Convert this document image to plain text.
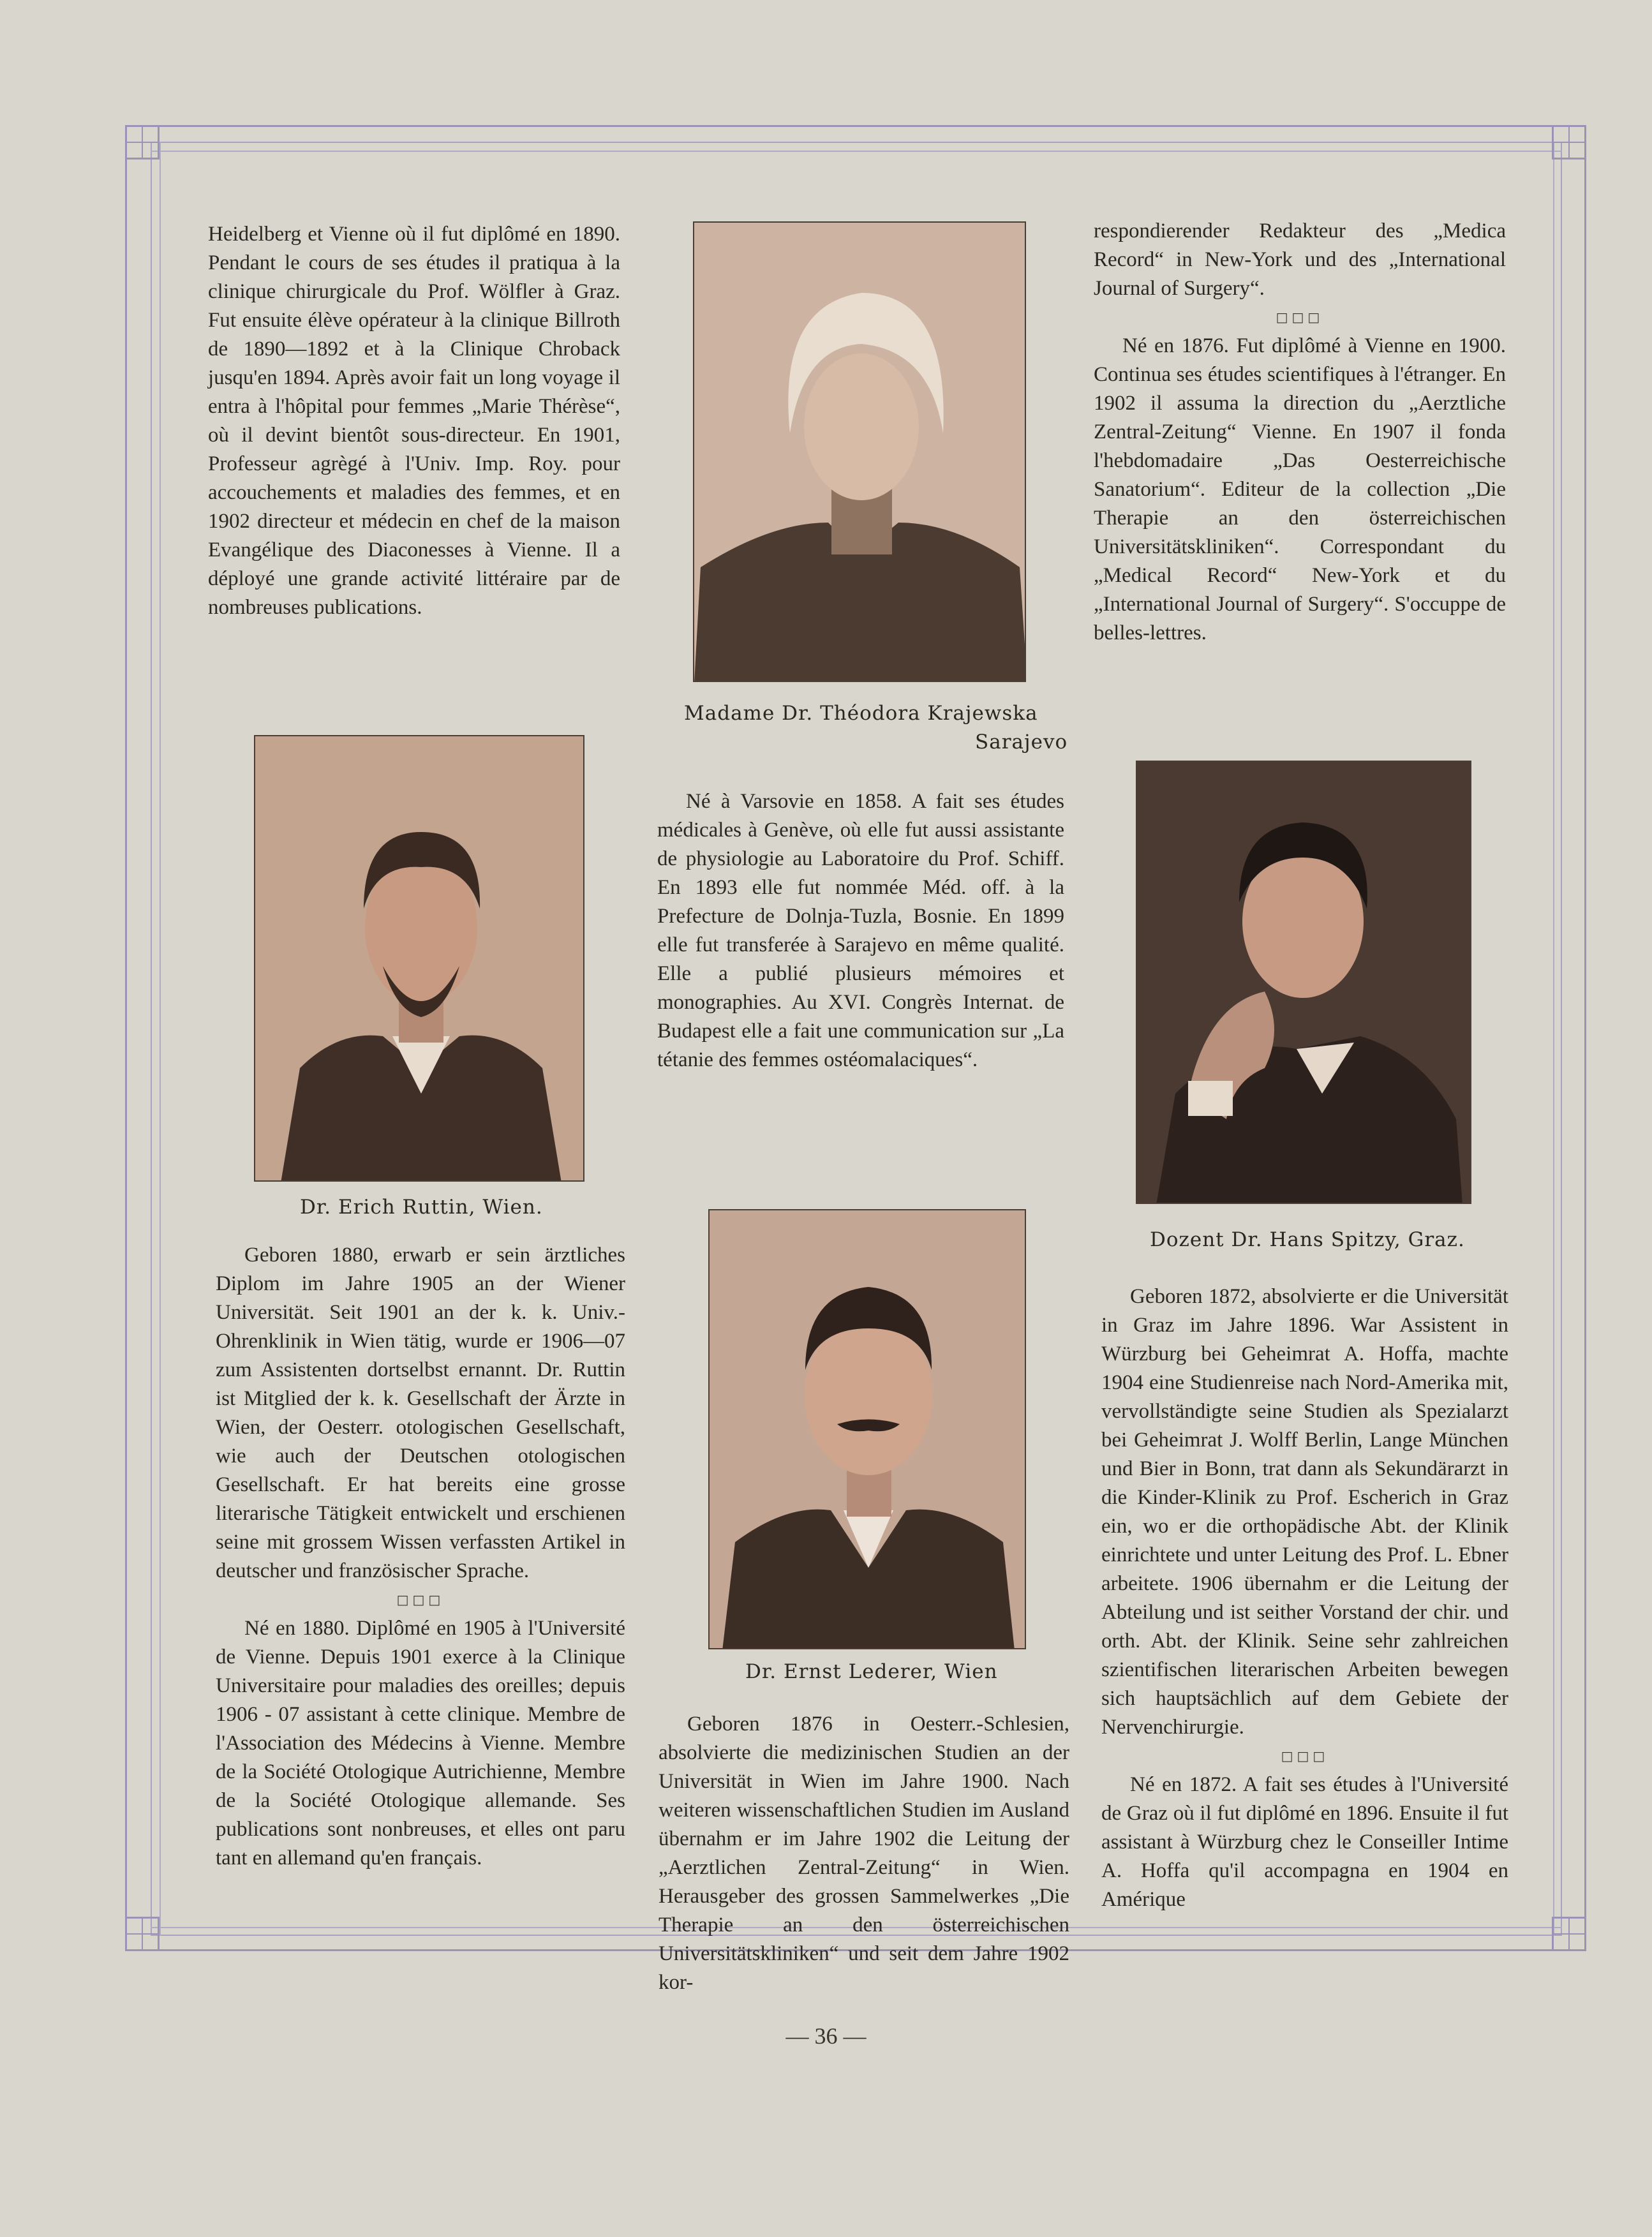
Heidelberg et Vienne où il fut diplômé en 1890. Pendant le cours de ses études il pratiqua à la clinique chirurgicale du Prof. Wölfler à Graz. Fut ensuite élève opérateur à la clinique Billroth de 1890—1892 et à la Clinique Chroback jusqu'en 1894. Après avoir fait un long voyage il entra à l'hôpital pour femmes „Marie Thérèse“, où il devint bientôt sous-directeur. En 1901, Professeur agrègé à l'Univ. Imp. Roy. pour accouchements et maladies des femmes, et en 1902 directeur et médecin en chef de la maison Evangélique des Diaconesses à Vienne. Il a déployé une grande activité littéraire par de nombreuses publications.

Dr. Erich Ruttin, Wien.

Geboren 1880, erwarb er sein ärztliches Diplom im Jahre 1905 an der Wiener Universität. Seit 1901 an der k. k. Univ.-Ohrenklinik in Wien tätig, wurde er 1906—07 zum Assistenten dortselbst ernannt. Dr. Ruttin ist Mitglied der k. k. Gesellschaft der Ärzte in Wien, der Oesterr. otologischen Gesellschaft, wie auch der Deutschen otologischen Gesellschaft. Er hat bereits eine grosse literarische Tätigkeit entwickelt und erschienen seine mit grossem Wissen verfassten Artikel in deutscher und französischer Sprache.

□□□

Né en 1880. Diplômé en 1905 à l'Université de Vienne. Depuis 1901 exerce à la Clinique Universitaire pour maladies des oreilles; depuis 1906 - 07 assistant à cette clinique. Membre de l'Association des Médecins à Vienne. Membre de la Société Otologique Autrichienne, Membre de la Société Otologique allemande. Ses publications sont nonbreuses, et elles ont paru tant en allemand qu'en français.

Madame Dr. Théodora Krajewska
Sarajevo

Né à Varsovie en 1858. A fait ses études médicales à Genève, où elle fut aussi assistante de physiologie au Laboratoire du Prof. Schiff. En 1893 elle fut nommée Méd. off. à la Prefecture de Dolnja-Tuzla, Bosnie. En 1899 elle fut transferée à Sarajevo en même qualité. Elle a publié plusieurs mémoires et monographies. Au XVI. Congrès Internat. de Budapest elle a fait une communication sur „La tétanie des femmes ostéomalaciques“.

Dr. Ernst Lederer, Wien

Geboren 1876 in Oesterr.-Schlesien, absolvierte die medizinischen Studien an der Universität in Wien im Jahre 1900. Nach weiteren wissenschaftlichen Studien im Ausland übernahm er im Jahre 1902 die Leitung der „Aerztlichen Zentral-Zeitung“ in Wien. Herausgeber des grossen Sammelwerkes „Die Therapie an den österreichischen Universitätskliniken“ und seit dem Jahre 1902 kor-

respondierender Redakteur des „Medica Record“ in New-York und des „International Journal of Surgery“.

□□□

Né en 1876. Fut diplômé à Vienne en 1900. Continua ses études scientifiques à l'étranger. En 1902 il assuma la direction du „Aerztliche Zentral-Zeitung“ Vienne. En 1907 il fonda l'hebdomadaire „Das Oesterreichische Sanatorium“. Editeur de la collection „Die Therapie an den österreichischen Universitätskliniken“. Correspondant du „Medical Record“ New-York et du „International Journal of Surgery“. S'occuppe de belles-lettres.

Dozent Dr. Hans Spitzy, Graz.

Geboren 1872, absolvierte er die Universität in Graz im Jahre 1896. War Assistent in Würzburg bei Geheimrat A. Hoffa, machte 1904 eine Studienreise nach Nord-Amerika mit, vervollständigte seine Studien als Spezialarzt bei Geheimrat J. Wolff Berlin, Lange München und Bier in Bonn, trat dann als Sekundärarzt in die Kinder-Klinik zu Prof. Escherich in Graz ein, wo er die orthopädische Abt. der Klinik einrichtete und unter Leitung des Prof. L. Ebner arbeitete. 1906 übernahm er die Leitung der Abteilung und ist seither Vorstand der chir. und orth. Abt. der Klinik. Seine sehr zahlreichen szientifischen literarischen Arbeiten bewegen sich hauptsächlich auf dem Gebiete der Nervenchirurgie.

□□□

Né en 1872. A fait ses études à l'Université de Graz où il fut diplômé en 1896. Ensuite il fut assistant à Würzburg chez le Conseiller Intime A. Hoffa qu'il accompagna en 1904 en Amérique

— 36 —
